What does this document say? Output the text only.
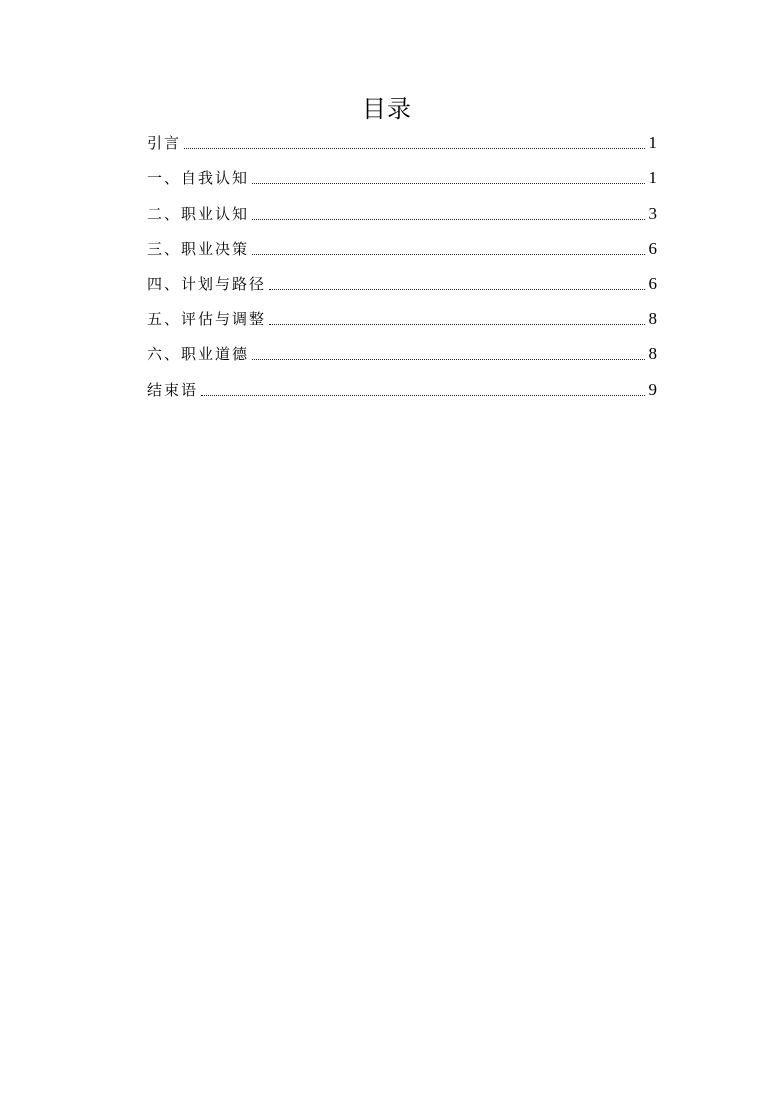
目录
引言	1
一、自我认知	1
二、职业认知	3
三、职业决策	6
四、计划与路径	6
五、评估与调整	8
六、职业道德	8
结束语	9
